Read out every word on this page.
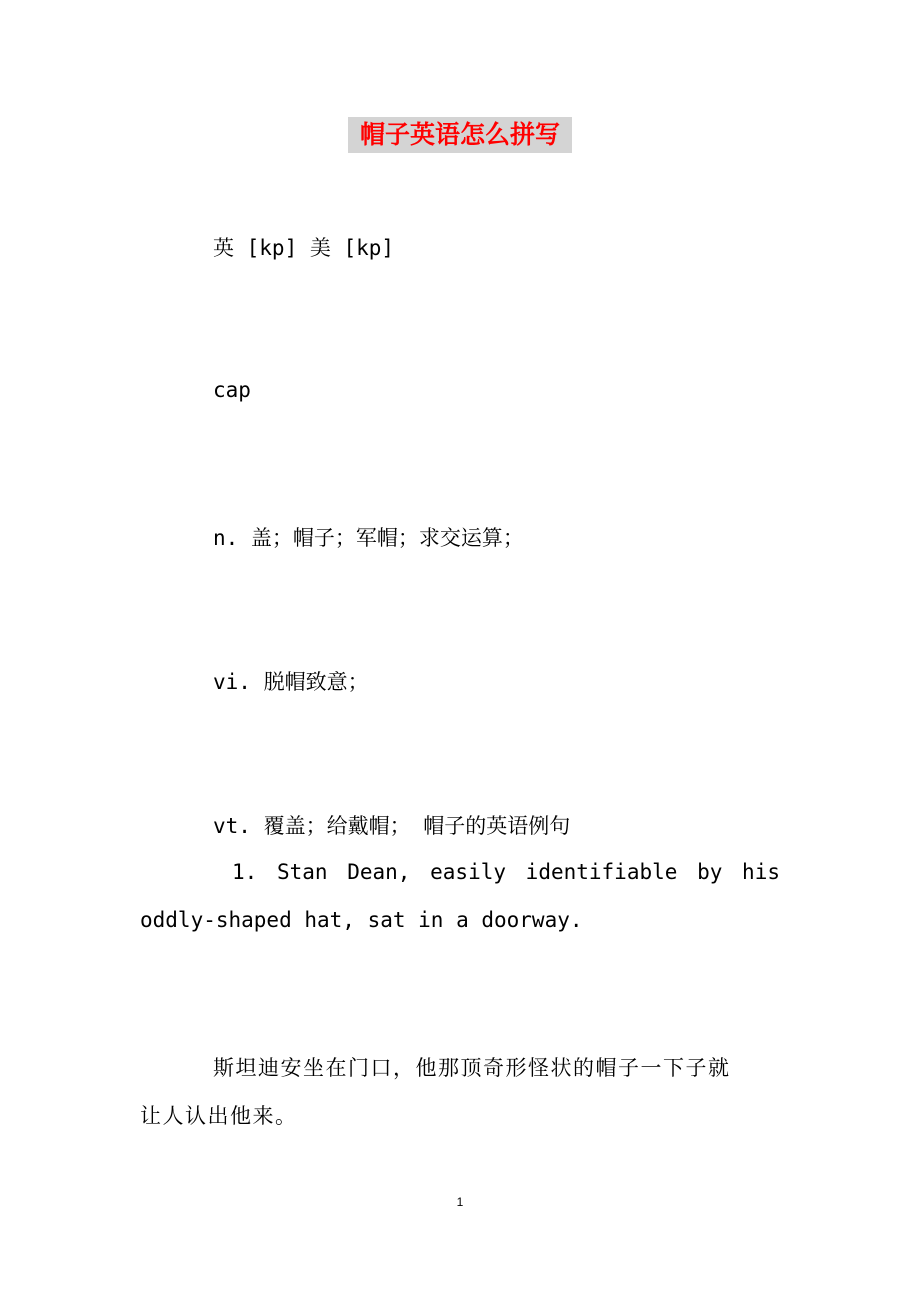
帽子英语怎么拼写
英 [kp] 美 [kp]
cap
n. 盖；帽子；军帽；求交运算；
vi. 脱帽致意；
vt. 覆盖；给戴帽； 帽子的英语例句
1. Stan Dean, easily identifiable by his
oddly-shaped hat, sat in a doorway.
斯坦迪安坐在门口，他那顶奇形怪状的帽子一下子就
让人认出他来。
1
